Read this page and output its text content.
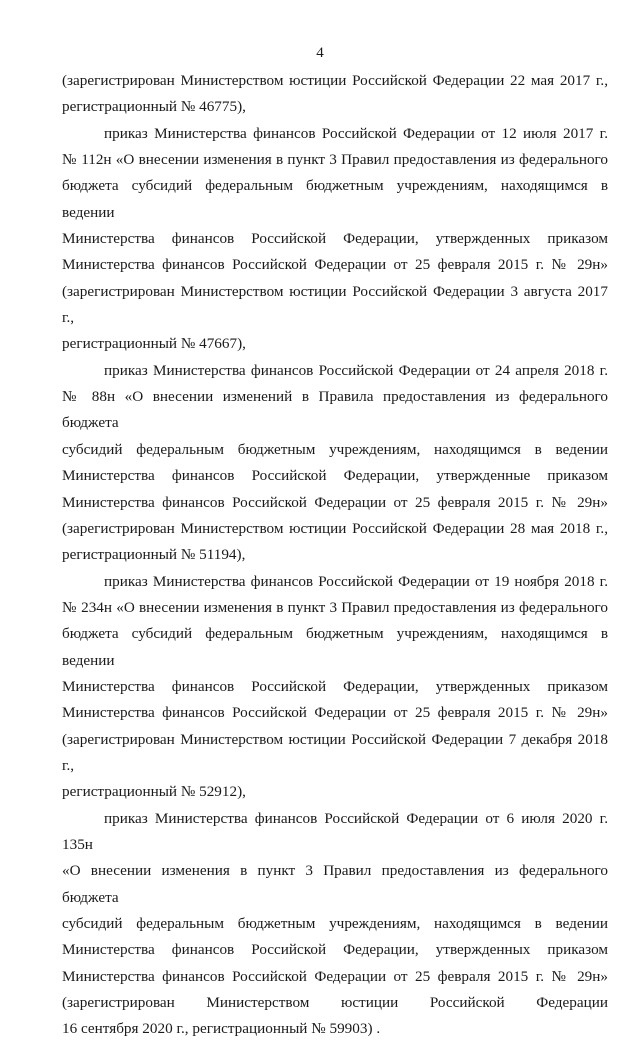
4

(зарегистрирован Министерством юстиции Российской Федерации 22 мая 2017 г.,
регистрационный № 46775),

приказ Министерства финансов Российской Федерации от 12 июля 2017 г.
№ 112н «О внесении изменения в пункт 3 Правил предоставления из федерального
бюджета субсидий федеральным бюджетным учреждениям, находящимся в ведении
Министерства финансов Российской Федерации, утвержденных приказом
Министерства финансов Российской Федерации от 25 февраля 2015 г. № 29н»
(зарегистрирован Министерством юстиции Российской Федерации 3 августа 2017 г.,
регистрационный № 47667),

приказ Министерства финансов Российской Федерации от 24 апреля 2018 г.
№ 88н «О внесении изменений в Правила предоставления из федерального бюджета
субсидий федеральным бюджетным учреждениям, находящимся в ведении
Министерства финансов Российской Федерации, утвержденные приказом
Министерства финансов Российской Федерации от 25 февраля 2015 г. № 29н»
(зарегистрирован Министерством юстиции Российской Федерации 28 мая 2018 г.,
регистрационный № 51194),

приказ Министерства финансов Российской Федерации от 19 ноября 2018 г.
№ 234н «О внесении изменения в пункт 3 Правил предоставления из федерального
бюджета субсидий федеральным бюджетным учреждениям, находящимся в ведении
Министерства финансов Российской Федерации, утвержденных приказом
Министерства финансов Российской Федерации от 25 февраля 2015 г. № 29н»
(зарегистрирован Министерством юстиции Российской Федерации 7 декабря 2018 г.,
регистрационный № 52912),

приказ Министерства финансов Российской Федерации от 6 июля 2020 г. 135н
«О внесении изменения в пункт 3 Правил предоставления из федерального бюджета
субсидий федеральным бюджетным учреждениям, находящимся в ведении
Министерства финансов Российской Федерации, утвержденных приказом
Министерства финансов Российской Федерации от 25 февраля 2015 г. № 29н»
(зарегистрирован Министерством юстиции Российской Федерации
16 сентября 2020 г., регистрационный № 59903) .
